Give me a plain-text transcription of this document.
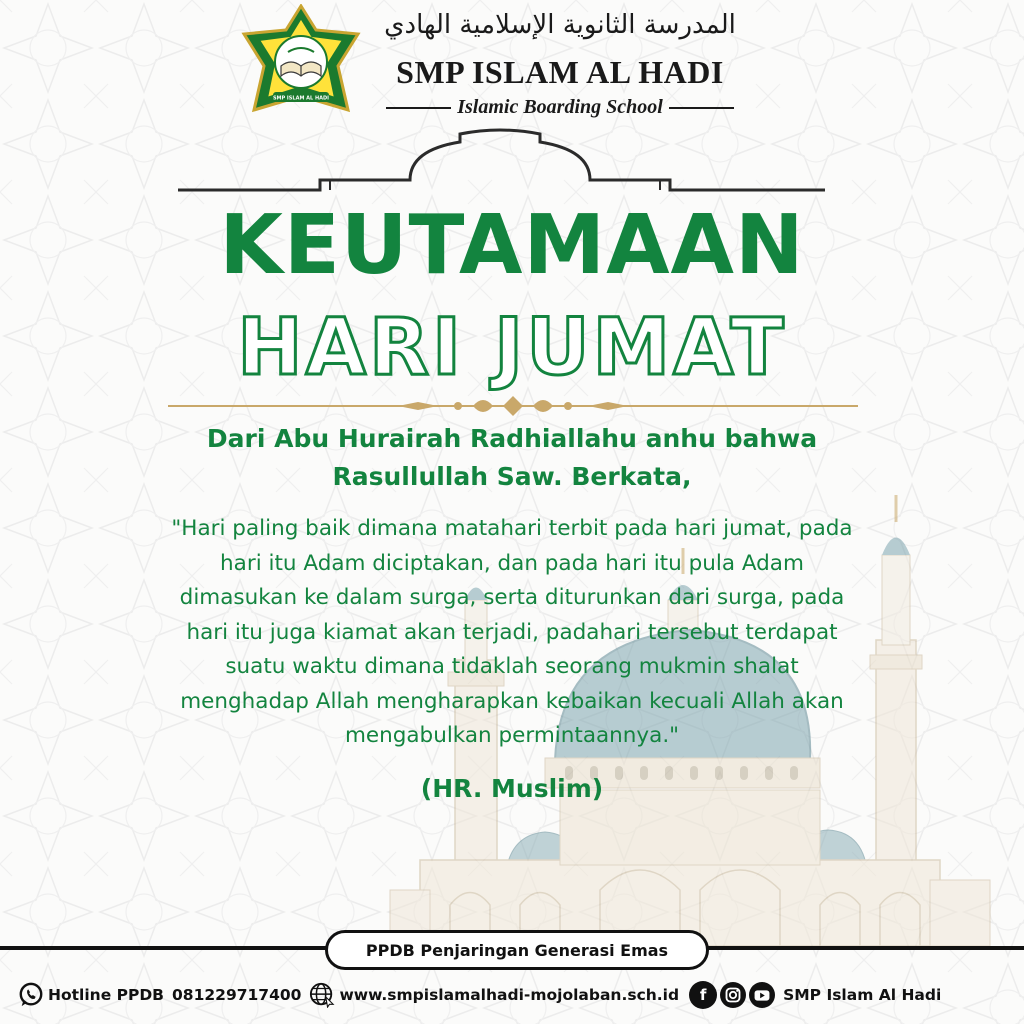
SMP ISLAM AL HADI
المدرسة الثانوية الإسلامية الهادي
SMP ISLAM AL HADI
Islamic Boarding School
KEUTAMAAN
HARI JUMAT
Dari Abu Hurairah Radhiallahu anhu bahwa
Rasullullah Saw. Berkata,
"Hari paling baik dimana matahari terbit pada hari jumat, pada
hari itu Adam diciptakan, dan pada hari itu pula Adam
dimasukan ke dalam surga, serta diturunkan dari surga, pada
hari itu juga kiamat akan terjadi, padahari tersebut terdapat
suatu waktu dimana tidaklah seorang mukmin shalat
menghadap Allah mengharapkan kebaikan kecuali Allah akan
mengabulkan permintaannya."
(HR. Muslim)
PPDB Penjaringan Generasi Emas
Hotline PPDB 081229717400 www.smpislamalhadi-mojolaban.sch.id	f	SMP Islam Al Hadi
